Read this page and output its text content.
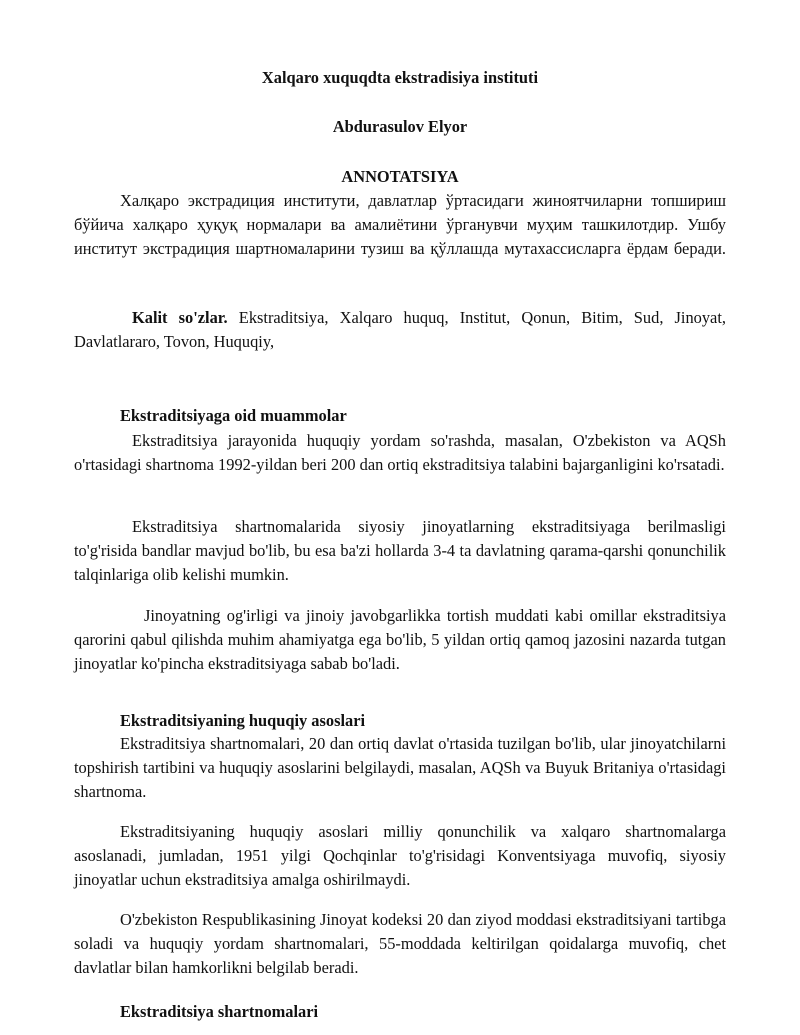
Xalqaro xuquqdta ekstradisiya instituti

Abdurasulov Elyor

ANNOTATSIYA

Халқаро экстрадиция институти, давлатлар ўртасидаги жиноятчиларни топшириш бўйича халқаро ҳуқуқ нормалари ва амалиётини ўрганувчи муҳим ташкилотдир. Ушбу институт экстрадиция шартномаларини тузиш ва қўллашда мутахассисларга ёрдам беради.

Kalit so'zlar. Ekstraditsiya, Xalqaro huquq, Institut, Qonun, Bitim, Sud, Jinoyat, Davlatlararo, Tovon, Huquqiy,

Ekstraditsiyaga oid muammolar

Ekstraditsiya jarayonida huquqiy yordam so'rashda, masalan, O'zbekiston va AQSh o'rtasidagi shartnoma 1992-yildan beri 200 dan ortiq ekstraditsiya talabini bajarganligini ko'rsatadi.

Ekstraditsiya shartnomalarida siyosiy jinoyatlarning ekstraditsiyaga berilmasligi to'g'risida bandlar mavjud bo'lib, bu esa ba'zi hollarda 3-4 ta davlatning qarama-qarshi qonunchilik talqinlariga olib kelishi mumkin.

Jinoyatning og'irligi va jinoiy javobgarlikka tortish muddati kabi omillar ekstraditsiya qarorini qabul qilishda muhim ahamiyatga ega bo'lib, 5 yildan ortiq qamoq jazosini nazarda tutgan jinoyatlar ko'pincha ekstraditsiyaga sabab bo'ladi.

Ekstraditsiyaning huquqiy asoslari

Ekstraditsiya shartnomalari, 20 dan ortiq davlat o'rtasida tuzilgan bo'lib, ular jinoyatchilarni topshirish tartibini va huquqiy asoslarini belgilaydi, masalan, AQSh va Buyuk Britaniya o'rtasidagi shartnoma.

Ekstraditsiyaning huquqiy asoslari milliy qonunchilik va xalqaro shartnomalarga asoslanadi, jumladan, 1951 yilgi Qochqinlar to'g'risidagi Konventsiyaga muvofiq, siyosiy jinoyatlar uchun ekstraditsiya amalga oshirilmaydi.

O'zbekiston Respublikasining Jinoyat kodeksi 20 dan ziyod moddasi ekstraditsiyani tartibga soladi va huquqiy yordam shartnomalari, 55-moddada keltirilgan qoidalarga muvofiq, chet davlatlar bilan hamkorlikni belgilab beradi.

Ekstraditsiya shartnomalari
